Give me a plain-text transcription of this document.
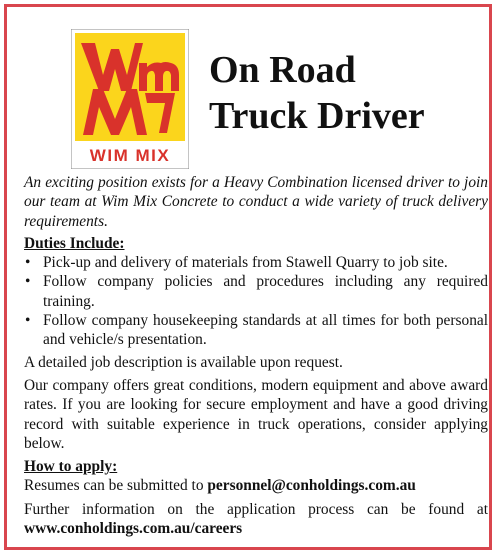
WIM MIX
On Road
Truck Driver

An exciting position exists for a Heavy Combination licensed driver to join our team at Wim Mix Concrete to conduct a wide variety of truck delivery requirements.

Duties Include:
• Pick-up and delivery of materials from Stawell Quarry to job site.
• Follow company policies and procedures including any required training.
• Follow company housekeeping standards at all times for both personal and vehicle/s presentation.

A detailed job description is available upon request.

Our company offers great conditions, modern equipment and above award rates. If you are looking for secure employment and have a good driving record with suitable experience in truck operations, consider applying below.

How to apply:

Resumes can be submitted to personnel@conholdings.com.au

Further information on the application process can be found at www.conholdings.com.au/careers
